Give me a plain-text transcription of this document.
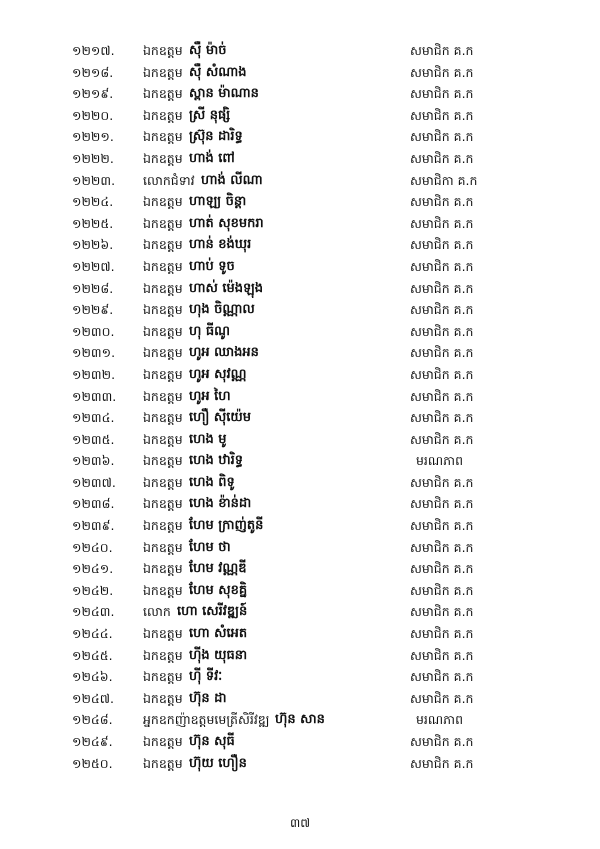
១២១៧. ឯកឧត្តម ស៊ឺ ម៉ាច់	សមាជិក គ.ក
១២១៨. ឯកឧត្តម ស៊ឺ សំណាង	សមាជិក គ.ក
១២១៩. ឯកឧត្តម ស្ពាន ម៉ាណាន	សមាជិក គ.ក
១២២០. ឯកឧត្តម ស្រី នុផ្សិ	សមាជិក គ.ក
១២២១. ឯកឧត្តម ស្រ៊ុន ដារិទ្ធ	សមាជិក គ.ក
១២២២. ឯកឧត្តម ហាង់ ពៅ	សមាជិក គ.ក
១២២៣. លោកជំទាវ ហាង់ លីណា	សមាជិកា គ.ក
១២២៤. ឯកឧត្តម ហាឡ្យ ចិន្តា	សមាជិក គ.ក
១២២៥. ឯកឧត្តម ហាត់ សុខមករា	សមាជិក គ.ក
១២២៦. ឯកឧត្តម ហាន់ ខង់ឃុរ	សមាជិក គ.ក
១២២៧. ឯកឧត្តម ហាប់ ទូច	សមាជិក គ.ក
១២២៨. ឯកឧត្តម ហាស់ ម៉េងឡុង	សមាជិក គ.ក
១២២៩. ឯកឧត្តម ហុង ចិណ្ណាល	សមាជិក គ.ក
១២៣០. ឯកឧត្តម ហុ ធីណូ	សមាជិក គ.ក
១២៣១. ឯកឧត្តម ហូអ ឈាងអន	សមាជិក គ.ក
១២៣២. ឯកឧត្តម ហូអ សុវណ្ណ	សមាជិក គ.ក
១២៣៣. ឯកឧត្តម ហូអ ហៃ	សមាជិក គ.ក
១២៣៤. ឯកឧត្តម ហឿ ស៊ីយ៉េម	សមាជិក គ.ក
១២៣៥. ឯកឧត្តម ហេង មូ	សមាជិក គ.ក
១២៣៦. ឯកឧត្តម ហេង ឋារិទ្ធ	មរណភាព
១២៣៧. ឯកឧត្តម ហេង ពិទូ	សមាជិក គ.ក
១២៣៨. ឯកឧត្តម ហេង ខ៉ាន់ដា	សមាជិក គ.ក
១២៣៩. ឯកឧត្តម ហែម ក្រាញ់តូនី	សមាជិក គ.ក
១២៤០. ឯកឧត្តម ហែម ថា	សមាជិក គ.ក
១២៤១. ឯកឧត្តម ហែម វណ្ណឌី	សមាជិក គ.ក
១២៤២. ឯកឧត្តម ហែម សុខគ្និ	សមាជិក គ.ក
១២៤៣. លោក ហោ សេរីវឌ្ឍន៍	សមាជិក គ.ក
១២៤៤. ឯកឧត្តម ហោ សំអេត	សមាជិក គ.ក
១២៤៥. ឯកឧត្តម ហ៊ីង យុធនា	សមាជិក គ.ក
១២៤៦. ឯកឧត្តម ហ៊ី ទីវៈ	សមាជិក គ.ក
១២៤៧. ឯកឧត្តម ហ៊ុន ដា	សមាជិក គ.ក
១២៤៨. អ្នកឧកញ៉ាឧត្តមមេត្រីសិរីវឌ្ឍ ហ៊ុន សាន	មរណភាព
១២៤៩. ឯកឧត្តម ហ៊ុន សុធី	សមាជិក គ.ក
១២៥០. ឯកឧត្តម ហ៊ុយ ហឿន	សមាជិក គ.ក
៣៧
